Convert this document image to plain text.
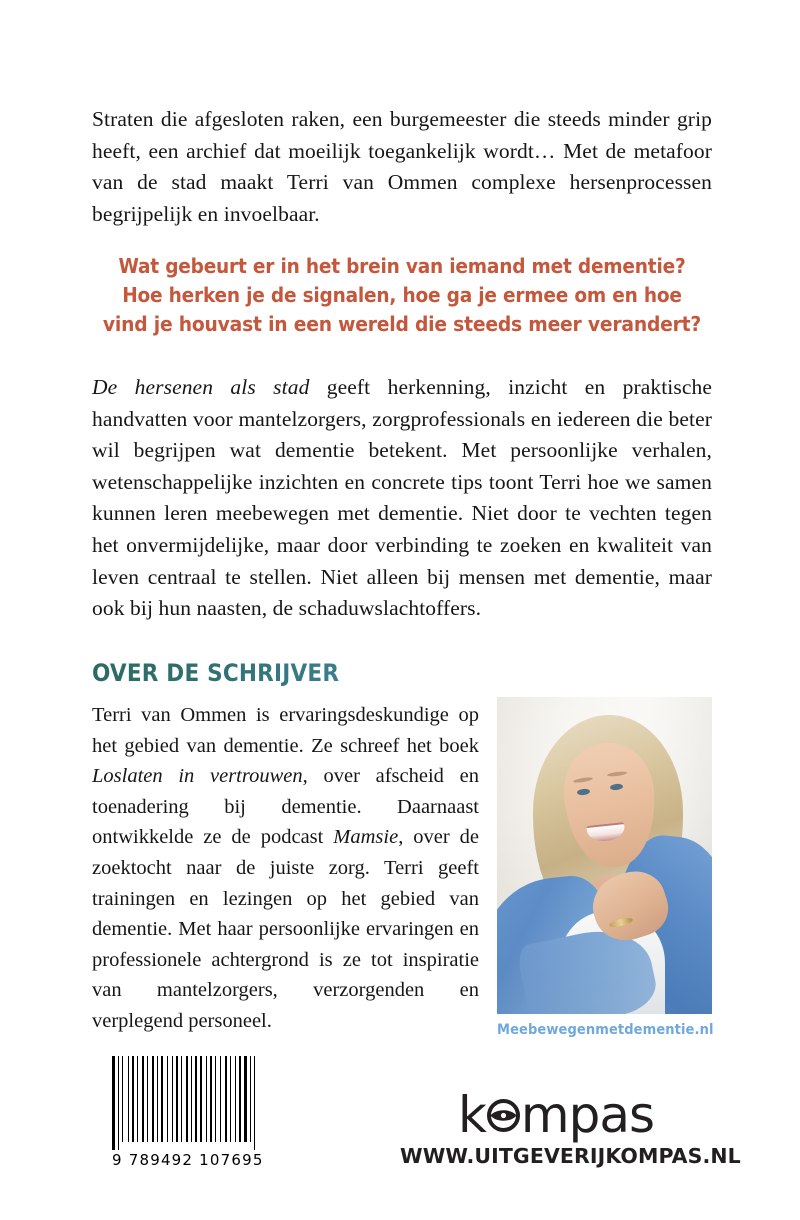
Straten die afgesloten raken, een burgemeester die steeds minder grip heeft, een archief dat moeilijk toegankelijk wordt… Met de metafoor van de stad maakt Terri van Ommen complexe hersenprocessen begrijpelijk en invoelbaar.
Wat gebeurt er in het brein van iemand met dementie?
Hoe herken je de signalen, hoe ga je ermee om en hoe
vind je houvast in een wereld die steeds meer verandert?
De hersenen als stad geeft herkenning, inzicht en praktische handvatten voor mantelzorgers, zorgprofessionals en iedereen die beter wil begrijpen wat dementie betekent. Met persoonlijke verhalen, wetenschappelijke inzichten en concrete tips toont Terri hoe we samen kunnen leren meebewegen met dementie. Niet door te vechten tegen het onvermijdelijke, maar door verbinding te zoeken en kwaliteit van leven centraal te stellen. Niet alleen bij mensen met dementie, maar ook bij hun naasten, de schaduwslachtoffers.
OVER DE SCHRIJVER
Terri van Ommen is ervaringsdeskundige op het gebied van dementie. Ze schreef het boek Loslaten in vertrouwen, over afscheid en toenadering bij dementie. Daarnaast ontwikkelde ze de podcast Mamsie, over de zoektocht naar de juiste zorg. Terri geeft trainingen en lezingen op het gebied van dementie. Met haar persoonlijke ervaringen en professionele achtergrond is ze tot inspiratie van mantelzorgers, verzorgenden en verplegend personeel.	Meebewegenmetdementie.nl
9 789492 107695
k mpas
WWW.UITGEVERIJKOMPAS.NL
